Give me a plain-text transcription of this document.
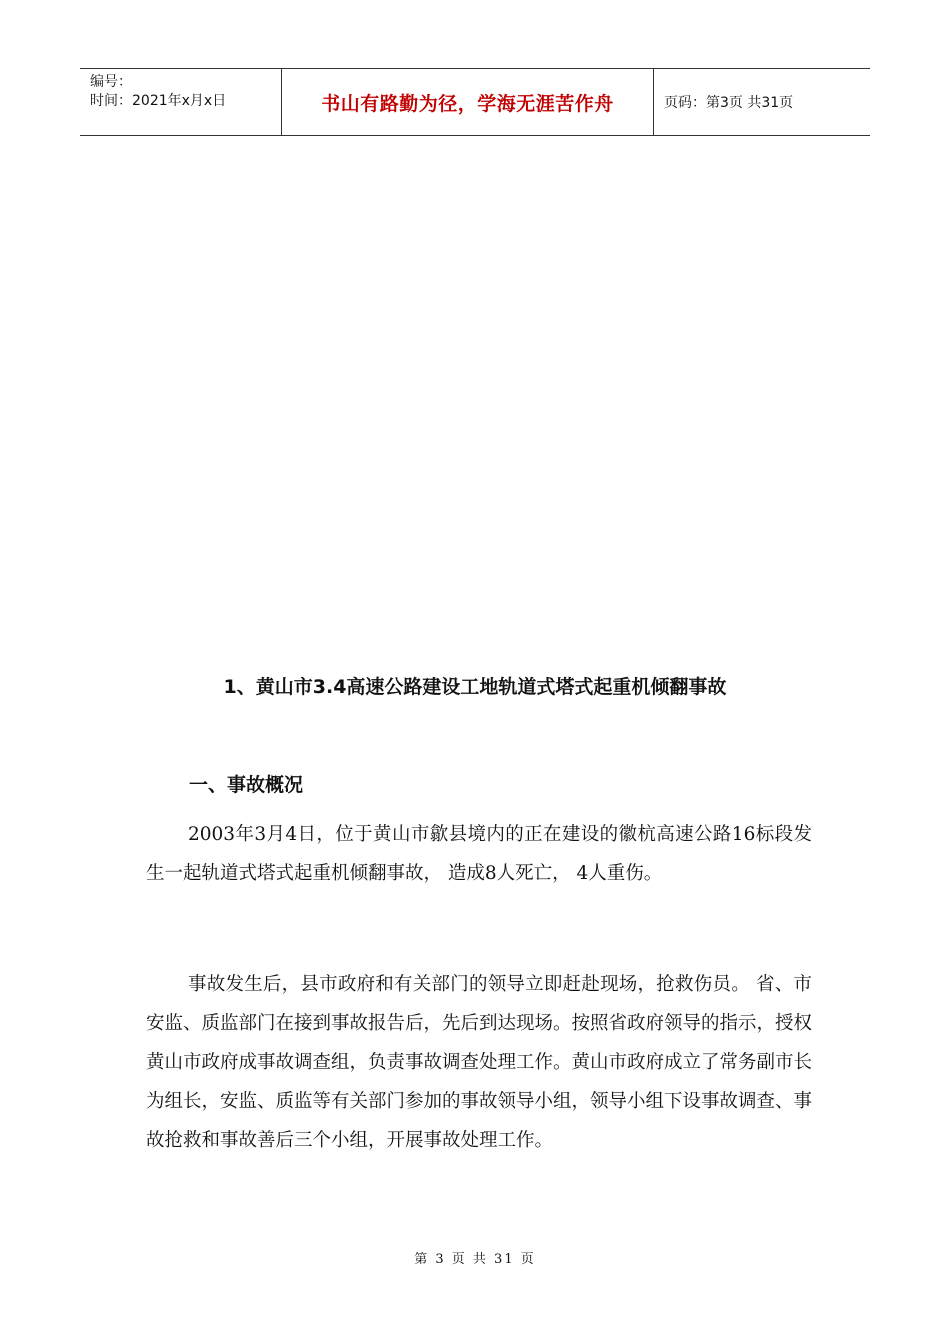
编号：
时间：2021年x月x日	书山有路勤为径，学海无涯苦作舟	页码：第3页 共31页
1、黄山市3.4高速公路建设工地轨道式塔式起重机倾翻事故
一、事故概况

2003年3月4日，位于黄山市歙县境内的正在建设的徽杭高速公路16标段发生一起轨道式塔式起重机倾翻事故， 造成8人死亡， 4人重伤。

事故发生后，县市政府和有关部门的领导立即赶赴现场，抢救伤员。 省、市安监、质监部门在接到事故报告后，先后到达现场。按照省政府领导的指示，授权黄山市政府成事故调查组，负责事故调查处理工作。黄山市政府成立了常务副市长为组长，安监、质监等有关部门参加的事故领导小组，领导小组下设事故调查、事故抢救和事故善后三个小组，开展事故处理工作。

第 3 页 共 31 页
